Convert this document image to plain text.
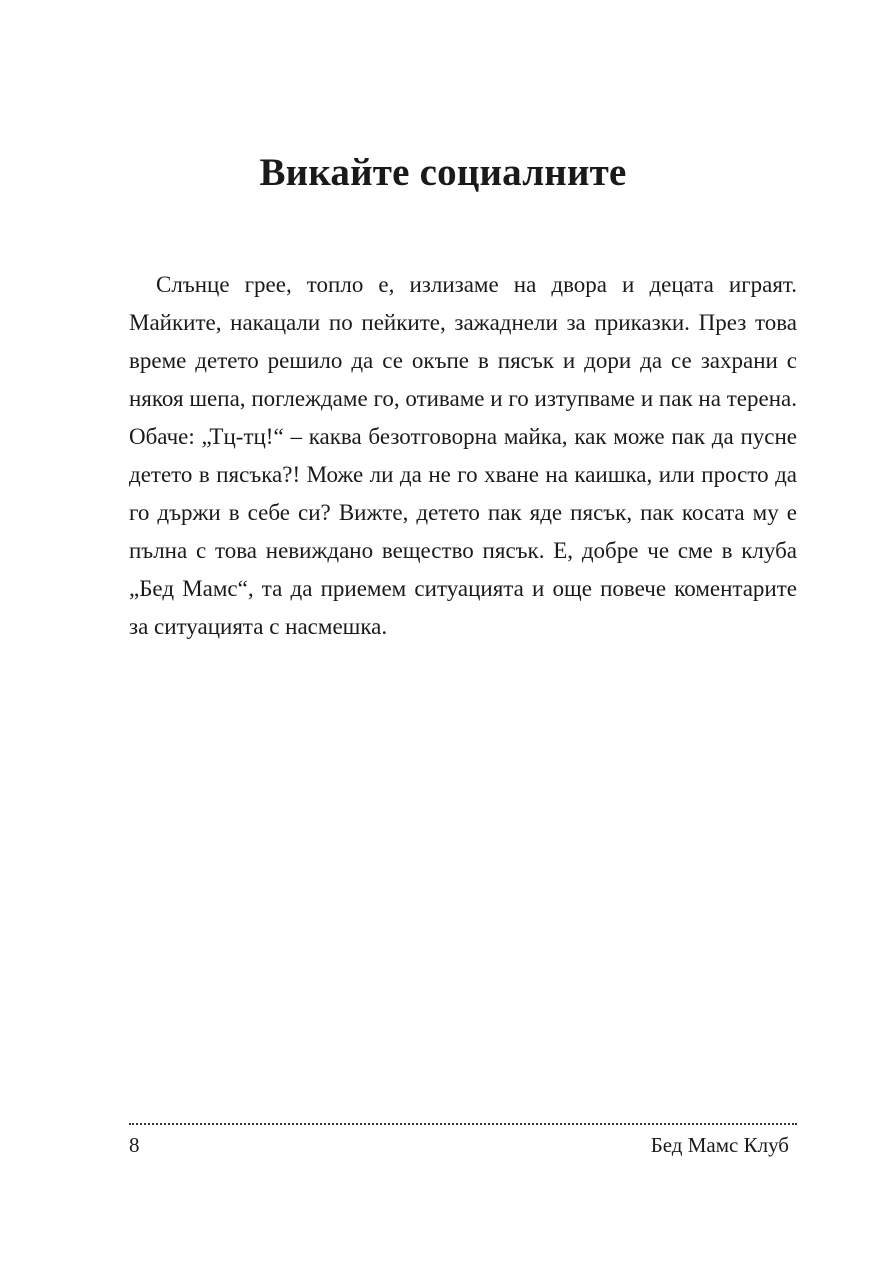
Викайте социалните

Слънце грее, топло е, излизаме на двора и децата играят. Майките, накацали по пейките, зажаднели за приказки. През това време детето решило да се окъпе в пясък и дори да се захрани с някоя шепа, поглеждаме го, отиваме и го изтупваме и пак на терена. Обаче: „Тц-тц!“ – каква безотговорна майка, как може пак да пусне детето в пясъка?! Може ли да не го хване на каишка, или просто да го държи в себе си? Вижте, детето пак яде пясък, пак косата му е пълна с това невиждано вещество пясък. Е, добре че сме в клуба „Бед Мамс“, та да приемем ситуацията и още повече коментарите за ситуацията с насмешка.

8	Бед Мамс Клуб
